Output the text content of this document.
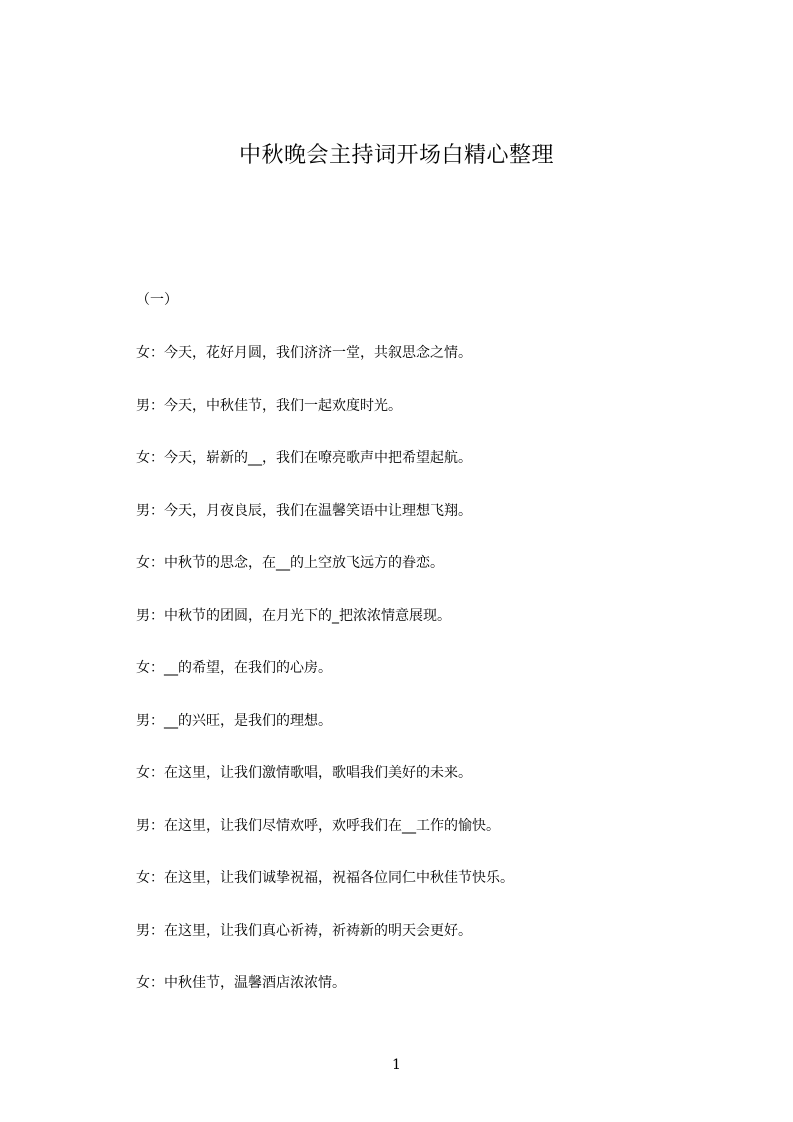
中秋晚会主持词开场白精心整理
（一）
女：今天，花好月圆，我们济济一堂，共叙思念之情。
男：今天，中秋佳节，我们一起欢度时光。
女：今天，崭新的__，我们在嘹亮歌声中把希望起航。
男：今天，月夜良辰，我们在温馨笑语中让理想飞翔。
女：中秋节的思念，在__的上空放飞远方的眷恋。
男：中秋节的团圆，在月光下的_把浓浓情意展现。
女：__的希望，在我们的心房。
男：__的兴旺，是我们的理想。
女：在这里，让我们激情歌唱，歌唱我们美好的未来。
男：在这里，让我们尽情欢呼，欢呼我们在__工作的愉快。
女：在这里，让我们诚挚祝福，祝福各位同仁中秋佳节快乐。
男：在这里，让我们真心祈祷，祈祷新的明天会更好。
女：中秋佳节，温馨酒店浓浓情。
1
